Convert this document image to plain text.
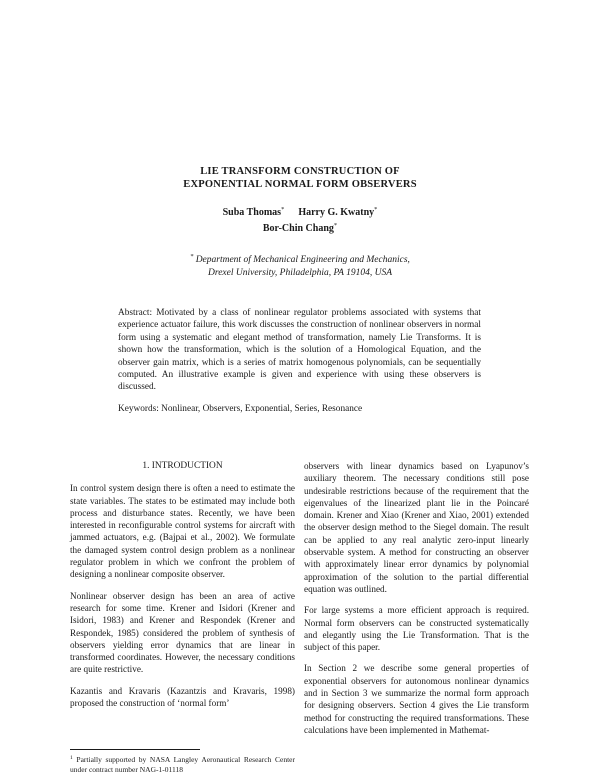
LIE TRANSFORM CONSTRUCTION OF
EXPONENTIAL NORMAL FORM OBSERVERS
Suba Thomas* Harry G. Kwatny*
Bor-Chin Chang*
* Department of Mechanical Engineering and Mechanics,
Drexel University, Philadelphia, PA 19104, USA
Abstract: Motivated by a class of nonlinear regulator problems associated with systems that experience actuator failure, this work discusses the construction of nonlinear observers in normal form using a systematic and elegant method of transformation, namely Lie Transforms. It is shown how the transformation, which is the solution of a Homological Equation, and the observer gain matrix, which is a series of matrix homogenous polynomials, can be sequentially computed. An illustrative example is given and experience with using these observers is discussed.
Keywords: Nonlinear, Observers, Exponential, Series, Resonance
1. INTRODUCTION

In control system design there is often a need to estimate the state variables. The states to be estimated may include both process and disturbance states. Recently, we have been interested in reconfigurable control systems for aircraft with jammed actuators, e.g. (Bajpai et al., 2002). We formulate the damaged system control design problem as a nonlinear regulator problem in which we confront the problem of designing a nonlinear composite observer.

Nonlinear observer design has been an area of active research for some time. Krener and Isidori (Krener and Isidori, 1983) and Krener and Respondek (Krener and Respondek, 1985) considered the problem of synthesis of observers yielding error dynamics that are linear in transformed coordinates. However, the necessary conditions are quite restrictive.

Kazantis and Kravaris (Kazantzis and Kravaris, 1998) proposed the construction of ‘normal form’

observers with linear dynamics based on Lyapunov’s auxiliary theorem. The necessary conditions still pose undesirable restrictions because of the requirement that the eigenvalues of the linearized plant lie in the Poincaré domain. Krener and Xiao (Krener and Xiao, 2001) extended the observer design method to the Siegel domain. The result can be applied to any real analytic zero-input linearly observable system. A method for constructing an observer with approximately linear error dynamics by polynomial approximation of the solution to the partial differential equation was outlined.

For large systems a more efficient approach is required. Normal form observers can be constructed systematically and elegantly using the Lie Transformation. That is the subject of this paper.

In Section 2 we describe some general properties of exponential observers for autonomous nonlinear dynamics and in Section 3 we summarize the normal form approach for designing observers. Section 4 gives the Lie transform method for constructing the required transformations. These calculations have been implemented in Mathemat-

$^1$ Partially supported by NASA Langley Aeronautical Research Center under contract number NAG-1-01118
